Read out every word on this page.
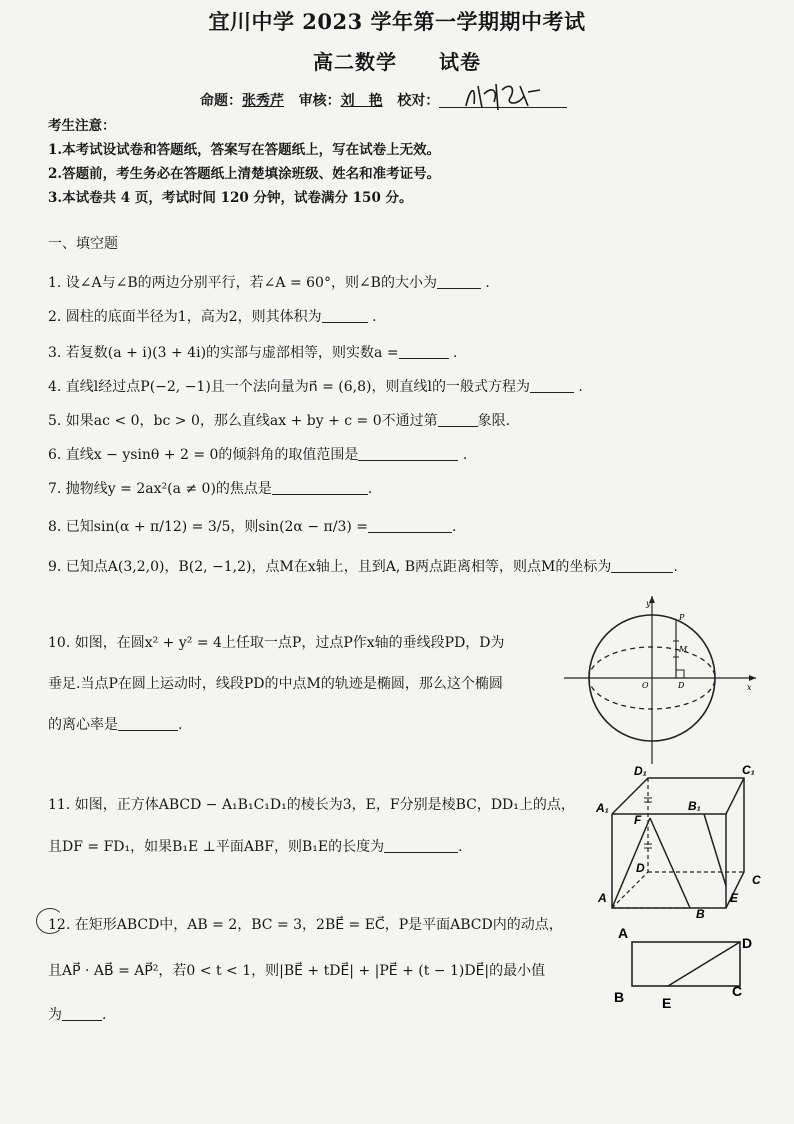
宜川中学 2023 学年第一学期期中考试
高二数学　　试卷
命题：张秀芹 审核：刘　艳 校对：
考生注意：
1.本考试设试卷和答题纸，答案写在答题纸上，写在试卷上无效。
2.答题前，考生务必在答题纸上清楚填涂班级、姓名和准考证号。
3.本试卷共 4 页，考试时间 120 分钟，试卷满分 150 分。
一、填空题
1. 设∠A与∠B的两边分别平行，若∠A = 60°，则∠B的大小为	.
2. 圆柱的底面半径为1，高为2，则其体积为	.
3. 若复数(a + i)(3 + 4i)的实部与虚部相等，则实数a =	.
4. 直线l经过点P(−2, −1)且一个法向量为n⃗ = (6,8)，则直线l的一般式方程为	.
5. 如果ac < 0，bc > 0，那么直线ax + by + c = 0不通过第	象限.
6. 直线x − ysinθ + 2 = 0的倾斜角的取值范围是	.
7. 抛物线y = 2ax²(a ≠ 0)的焦点是	.
8. 已知sin(α + π/12) = 3/5，则sin(2α − π/3) =	.
9. 已知点A(3,2,0)，B(2, −1,2)，点M在x轴上，且到A, B两点距离相等，则点M的坐标为	.
10. 如图，在圆x² + y² = 4上任取一点P，过点P作x轴的垂线段PD，D为
垂足.当点P在圆上运动时，线段PD的中点M的轨迹是椭圆，那么这个椭圆
的离心率是	.
y
P
M
O	D	x
11. 如图，正方体ABCD − A₁B₁C₁D₁的棱长为3，E，F分别是棱BC，DD₁上的点，
且DF = FD₁，如果B₁E ⊥平面ABF，则B₁E的长度为	.
D₁	C₁
A₁	B₁
F
D
C
A	E
B
12. 在矩形ABCD中，AB = 2，BC = 3，2BE⃗ = EC⃗，P是平面ABCD内的动点，
且AP⃗ · AB⃗ = AP⃗²，若0 < t < 1，则|BE⃗ + tDE⃗| + |PE⃗ + (t − 1)DE⃗|的最小值
为	.
A
D
B	E
C
